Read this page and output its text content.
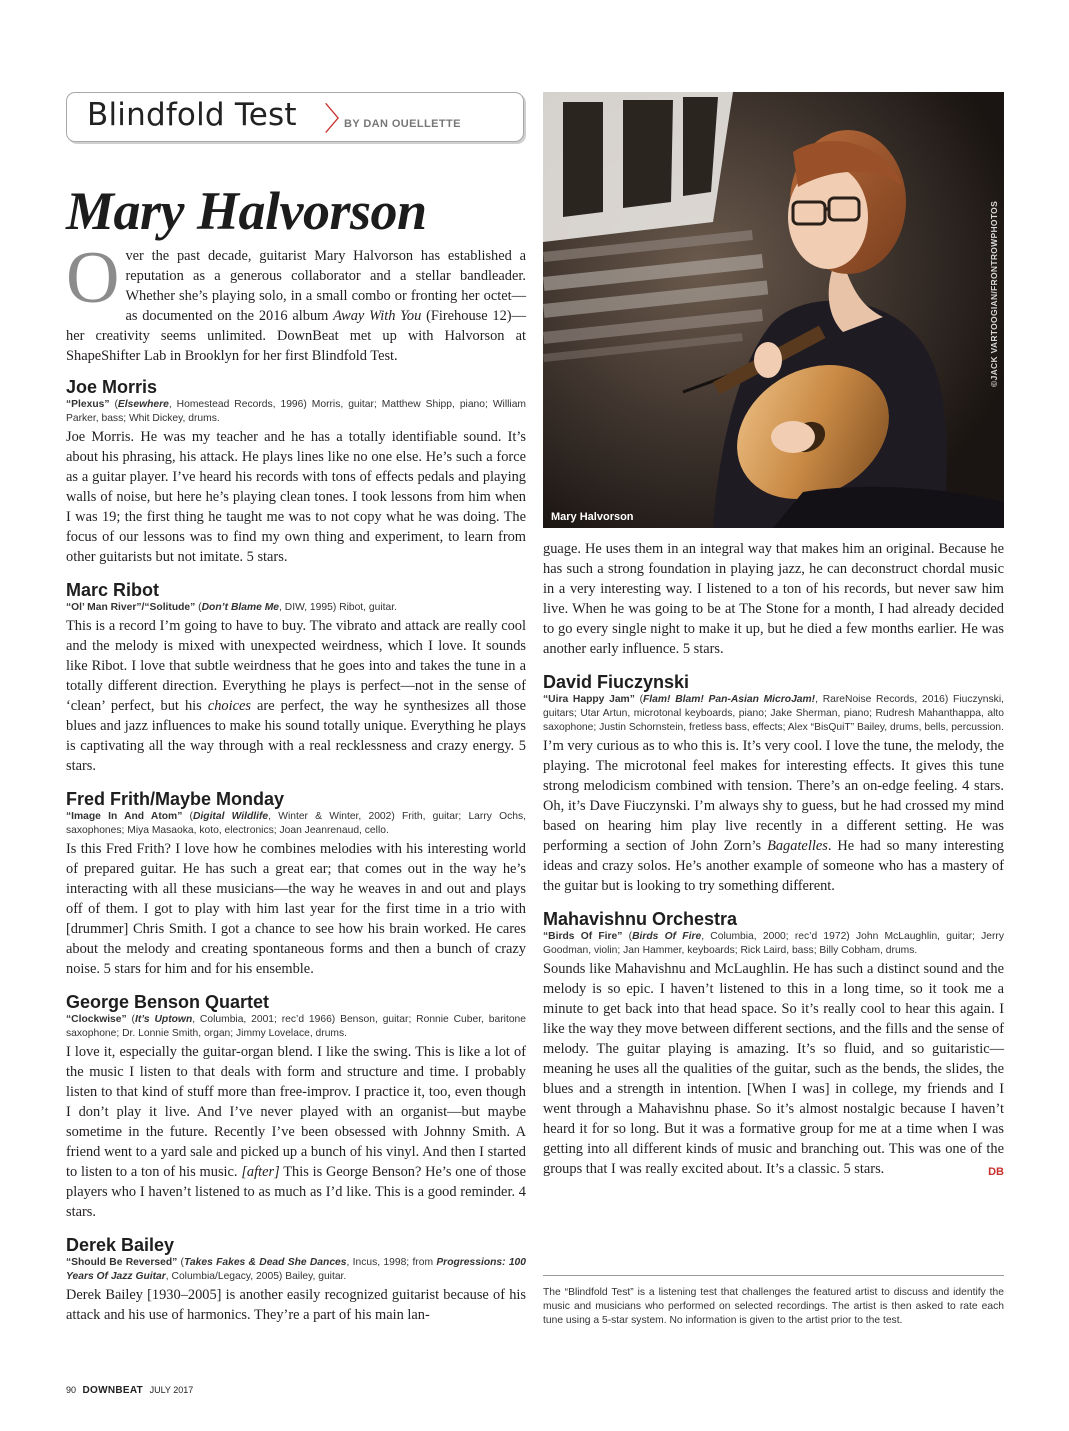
Blindfold Test 〉
BY DAN OUELLETTE
Mary Halvorson	©JACK VARTOOGIAN/FRONTROWPHOTOS
Mary Halvorson

Over the past decade, guitarist Mary Halvorson has established a reputation as a generous collaborator and a stellar bandleader. Whether she’s playing solo, in a small combo or fronting her octet—as documented on the 2016 album Away With You (Firehouse 12)—her creativity seems unlimited. DownBeat met up with Halvorson at ShapeShifter Lab in Brooklyn for her first Blindfold Test.

Joe Morris

“Plexus” (Elsewhere, Homestead Records, 1996) Morris, guitar; Matthew Shipp, piano; William Parker, bass; Whit Dickey, drums.

Joe Morris. He was my teacher and he has a totally identifiable sound. It’s about his phrasing, his attack. He plays lines like no one else. He’s such a force as a guitar player. I’ve heard his records with tons of effects pedals and playing walls of noise, but here he’s playing clean tones. I took lessons from him when I was 19; the first thing he taught me was to not copy what he was doing. The focus of our lessons was to find my own thing and experiment, to learn from other guitarists but not imitate. 5 stars.

Marc Ribot

“Ol’ Man River”/“Solitude” (Don’t Blame Me, DIW, 1995) Ribot, guitar.

This is a record I’m going to have to buy. The vibrato and attack are really cool and the melody is mixed with unexpected weirdness, which I love. It sounds like Ribot. I love that subtle weirdness that he goes into and takes the tune in a totally different direction. Everything he plays is perfect—not in the sense of ‘clean’ perfect, but his choices are perfect, the way he synthesizes all those blues and jazz influences to make his sound totally unique. Everything he plays is captivating all the way through with a real recklessness and crazy energy. 5 stars.

Fred Frith/Maybe Monday

“Image In And Atom” (Digital Wildlife, Winter & Winter, 2002) Frith, guitar; Larry Ochs, saxophones; Miya Masaoka, koto, electronics; Joan Jeanrenaud, cello.

Is this Fred Frith? I love how he combines melodies with his interesting world of prepared guitar. He has such a great ear; that comes out in the way he’s interacting with all these musicians—the way he weaves in and out and plays off of them. I got to play with him last year for the first time in a trio with [drummer] Chris Smith. I got a chance to see how his brain worked. He cares about the melody and creating spontaneous forms and then a bunch of crazy noise. 5 stars for him and for his ensemble.

George Benson Quartet

“Clockwise” (It’s Uptown, Columbia, 2001; rec’d 1966) Benson, guitar; Ronnie Cuber, baritone saxophone; Dr. Lonnie Smith, organ; Jimmy Lovelace, drums.

I love it, especially the guitar-organ blend. I like the swing. This is like a lot of the music I listen to that deals with form and structure and time. I probably listen to that kind of stuff more than free-improv. I practice it, too, even though I don’t play it live. And I’ve never played with an organist—but maybe sometime in the future. Recently I’ve been obsessed with Johnny Smith. A friend went to a yard sale and picked up a bunch of his vinyl. And then I started to listen to a ton of his music. [after] This is George Benson? He’s one of those players who I haven’t listened to as much as I’d like. This is a good reminder. 4 stars.

Derek Bailey

“Should Be Reversed” (Takes Fakes & Dead She Dances, Incus, 1998; from Progressions: 100 Years Of Jazz Guitar, Columbia/Legacy, 2005) Bailey, guitar.

Derek Bailey [1930–2005] is another easily recognized guitarist because of his attack and his use of harmonics. They’re a part of his main lan-

guage. He uses them in an integral way that makes him an original. Because he has such a strong foundation in playing jazz, he can deconstruct chordal music in a very interesting way. I listened to a ton of his records, but never saw him live. When he was going to be at The Stone for a month, I had already decided to go every single night to make it up, but he died a few months earlier. He was another early influence. 5 stars.

David Fiuczynski

“Uira Happy Jam” (Flam! Blam! Pan-Asian MicroJam!, RareNoise Records, 2016) Fiuczynski, guitars; Utar Artun, microtonal keyboards, piano; Jake Sherman, piano; Rudresh Mahanthappa, alto saxophone; Justin Schornstein, fretless bass, effects; Alex “BisQuiT” Bailey, drums, bells, percussion.

I’m very curious as to who this is. It’s very cool. I love the tune, the melody, the playing. The microtonal feel makes for interesting effects. It gives this tune strong melodicism combined with tension. There’s an on-edge feeling. 4 stars. Oh, it’s Dave Fiuczynski. I’m always shy to guess, but he had crossed my mind based on hearing him play live recently in a different setting. He was performing a section of John Zorn’s Bagatelles. He had so many interesting ideas and crazy solos. He’s another example of someone who has a mastery of the guitar but is looking to try something different.

Mahavishnu Orchestra

“Birds Of Fire” (Birds Of Fire, Columbia, 2000; rec’d 1972) John McLaughlin, guitar; Jerry Goodman, violin; Jan Hammer, keyboards; Rick Laird, bass; Billy Cobham, drums.

Sounds like Mahavishnu and McLaughlin. He has such a distinct sound and the melody is so epic. I haven’t listened to this in a long time, so it took me a minute to get back into that head space. So it’s really cool to hear this again. I like the way they move between different sections, and the fills and the sense of melody. The guitar playing is amazing. It’s so fluid, and so guitaristic—meaning he uses all the qualities of the guitar, such as the bends, the slides, the blues and a strength in intention. [When I was] in college, my friends and I went through a Mahavishnu phase. So it’s almost nostalgic because I haven’t heard it for so long. But it was a formative group for me at a time when I was getting into all different kinds of music and branching out. This was one of the groups that I was really excited about. It’s a classic. 5 stars.	DB

The “Blindfold Test” is a listening test that challenges the featured artist to discuss and identify the music and musicians who performed on selected recordings. The artist is then asked to rate each tune using a 5-star system. No information is given to the artist prior to the test.

90 DOWNBEAT JULY 2017
